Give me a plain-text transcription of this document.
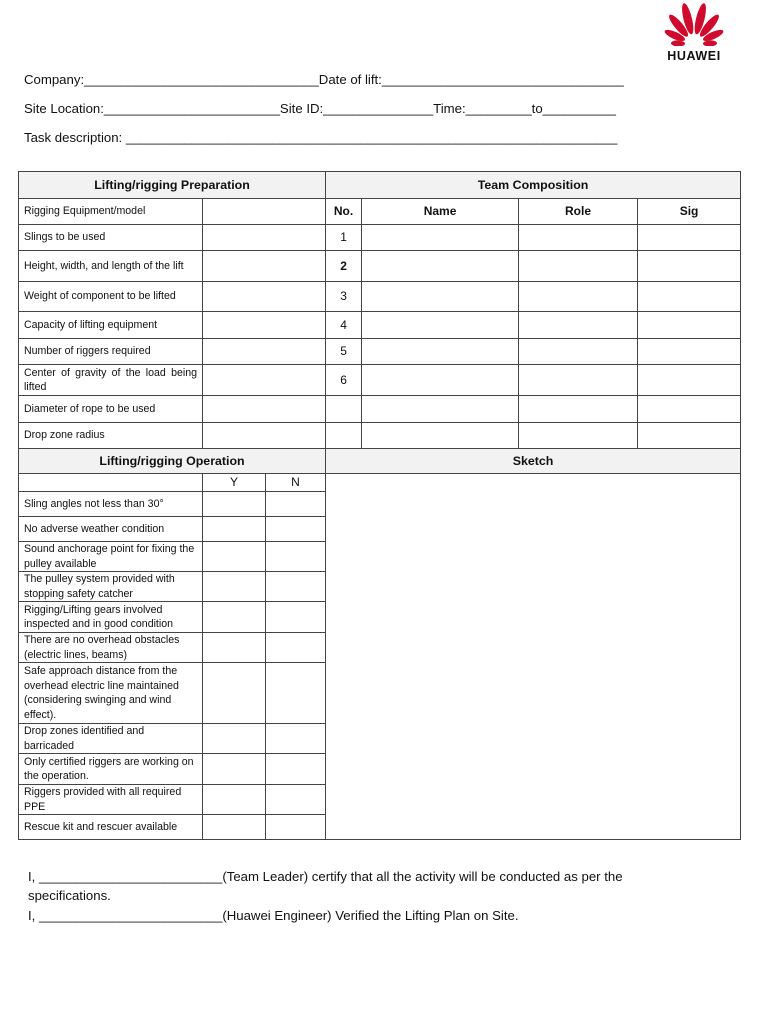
HUAWEI
Company:________________________________Date of lift:_________________________________
Site Location:________________________Site ID:_______________Time:_________to__________
Task description: ___________________________________________________________________
Lifting/rigging Preparation			Team Composition			
Rigging Equipment/model			No.	Name	Role	Sig
Slings to be used			1			
Height, width, and length of the lift			2			
Weight of component to be lifted			3			
Capacity of lifting equipment			4			
Number of riggers required			5			
Center of gravity of the load being lifted			6			
Diameter of rope to be used						
Drop zone radius						
Lifting/rigging Operation			Sketch			
	Y	N				
Sling angles not less than 30°						
No adverse weather condition						
Sound anchorage point for fixing the pulley available						
The pulley system provided with stopping safety catcher						
Rigging/Lifting gears involved inspected and in good condition						
There are no overhead obstacles (electric lines, beams)						
Safe approach distance from the overhead electric line maintained (considering swinging and wind effect).						
Drop zones identified and barricaded						
Only certified riggers are working on the operation.						
Riggers provided with all required PPE						
Rescue kit and rescuer available						
I, _________________________(Team Leader) certify that all the activity will be conducted as per the
specifications.
I, _________________________(Huawei Engineer) Verified the Lifting Plan on Site.
